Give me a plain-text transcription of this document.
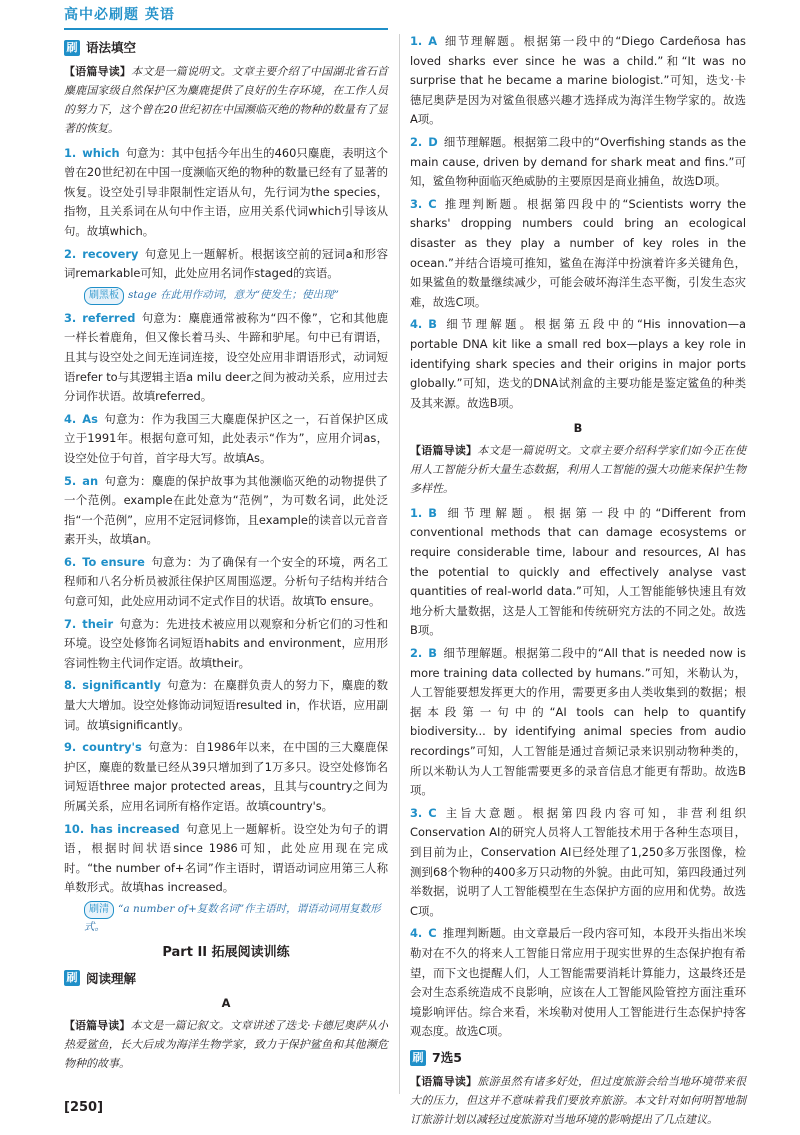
高中必刷题 英语
刷 语法填空
【语篇导读】本文是一篇说明文。文章主要介绍了中国湖北省石首麋鹿国家级自然保护区为麋鹿提供了良好的生存环境，在工作人员的努力下，这个曾在20世纪初在中国濒临灭绝的物种的数量有了显著的恢复。
1. which 句意为：其中包括今年出生的460只麋鹿，表明这个曾在20世纪初在中国一度濒临灭绝的物种的数量已经有了显著的恢复。设空处引导非限制性定语从句，先行词为the species，指物，且关系词在从句中作主语，应用关系代词which引导该从句。故填which。
2. recovery 句意见上一题解析。根据该空前的冠词a和形容词remarkable可知，此处应用名词作staged的宾语。
刷黑板 stage 在此用作动词，意为“使发生；使出现”
3. referred 句意为：麋鹿通常被称为“四不像”，它和其他鹿一样长着鹿角，但又像长着马头、牛蹄和驴尾。句中已有谓语，且其与设空处之间无连词连接，设空处应用非谓语形式，动词短语refer to与其逻辑主语a milu deer之间为被动关系，应用过去分词作状语。故填referred。
4. As 句意为：作为我国三大麋鹿保护区之一，石首保护区成立于1991年。根据句意可知，此处表示“作为”，应用介词as，设空处位于句首，首字母大写。故填As。
5. an 句意为：麋鹿的保护故事为其他濒临灭绝的动物提供了一个范例。example在此处意为“范例”，为可数名词，此处泛指“一个范例”，应用不定冠词修饰，且example的读音以元音音素开头，故填an。
6. To ensure 句意为：为了确保有一个安全的环境，两名工程师和八名分析员被派往保护区周围巡逻。分析句子结构并结合句意可知，此处应用动词不定式作目的状语。故填To ensure。
7. their 句意为：先进技术被应用以观察和分析它们的习性和环境。设空处修饰名词短语habits and environment，应用形容词性物主代词作定语。故填their。
8. significantly 句意为：在麋群负责人的努力下，麋鹿的数量大大增加。设空处修饰动词短语resulted in，作状语，应用副词。故填significantly。
9. country's 句意为：自1986年以来，在中国的三大麋鹿保护区，麋鹿的数量已经从39只增加到了1万多只。设空处修饰名词短语three major protected areas，且其与country之间为所属关系，应用名词所有格作定语。故填country's。
10. has increased 句意见上一题解析。设空处为句子的谓语，根据时间状语since 1986可知，此处应用现在完成时。“the number of+名词”作主语时，谓语动词应用第三人称单数形式。故填has increased。
刷清 “a number of+复数名词”作主语时，谓语动词用复数形式。
Part II 拓展阅读训练
刷 阅读理解
A
【语篇导读】本文是一篇记叙文。文章讲述了迭戈·卡德尼奥萨从小热爱鲨鱼，长大后成为海洋生物学家，致力于保护鲨鱼和其他濒危物种的故事。
[250]
1. A 细节理解题。根据第一段中的“Diego Cardeñosa has loved sharks ever since he was a child.”和“It was no surprise that he became a marine biologist.”可知，迭戈·卡德尼奥萨是因为对鲨鱼很感兴趣才选择成为海洋生物学家的。故选A项。
2. D 细节理解题。根据第二段中的“Overfishing stands as the main cause, driven by demand for shark meat and fins.”可知，鲨鱼物种面临灭绝威胁的主要原因是商业捕鱼，故选D项。
3. C 推理判断题。根据第四段中的“Scientists worry the sharks' dropping numbers could bring an ecological disaster as they play a number of key roles in the ocean.”并结合语境可推知，鲨鱼在海洋中扮演着许多关键角色，如果鲨鱼的数量继续减少，可能会破坏海洋生态平衡，引发生态灾难，故选C项。
4. B 细节理解题。根据第五段中的“His innovation—a portable DNA kit like a small red box—plays a key role in identifying shark species and their origins in major ports globally.”可知，迭戈的DNA试剂盒的主要功能是鉴定鲨鱼的种类及其来源。故选B项。
B
【语篇导读】本文是一篇说明文。文章主要介绍科学家们如今正在使用人工智能分析大量生态数据，利用人工智能的强大功能来保护生物多样性。
1. B 细节理解题。根据第一段中的“Different from conventional methods that can damage ecosystems or require considerable time, labour and resources, AI has the potential to quickly and effectively analyse vast quantities of real-world data.”可知，人工智能能够快速且有效地分析大量数据，这是人工智能和传统研究方法的不同之处。故选B项。
2. B 细节理解题。根据第二段中的“All that is needed now is more training data collected by humans.”可知，米勒认为，人工智能要想发挥更大的作用，需要更多由人类收集到的数据；根据本段第一句中的“AI tools can help to quantify biodiversity... by identifying animal species from audio recordings”可知，人工智能是通过音频记录来识别动物种类的，所以米勒认为人工智能需要更多的录音信息才能更有帮助。故选B项。
3. C 主旨大意题。根据第四段内容可知，非营利组织Conservation AI的研究人员将人工智能技术用于各种生态项目，到目前为止，Conservation AI已经处理了1,250多万张图像，检测到68个物种的400多万只动物的外貌。由此可知，第四段通过列举数据，说明了人工智能模型在生态保护方面的应用和优势。故选C项。
4. C 推理判断题。由文章最后一段内容可知，本段开头指出米埃勒对在不久的将来人工智能日常应用于现实世界的生态保护抱有希望，而下文也提醒人们，人工智能需要消耗计算能力，这最终还是会对生态系统造成不良影响，应该在人工智能风险管控方面注重环境影响评估。综合来看，米埃勒对使用人工智能进行生态保护持客观态度。故选C项。
刷 7选5
【语篇导读】旅游虽然有诸多好处，但过度旅游会给当地环境带来很大的压力，但这并不意味着我们要放弃旅游。本文针对如何明智地制订旅游计划以减轻过度旅游对当地环境的影响提出了几点建议。
